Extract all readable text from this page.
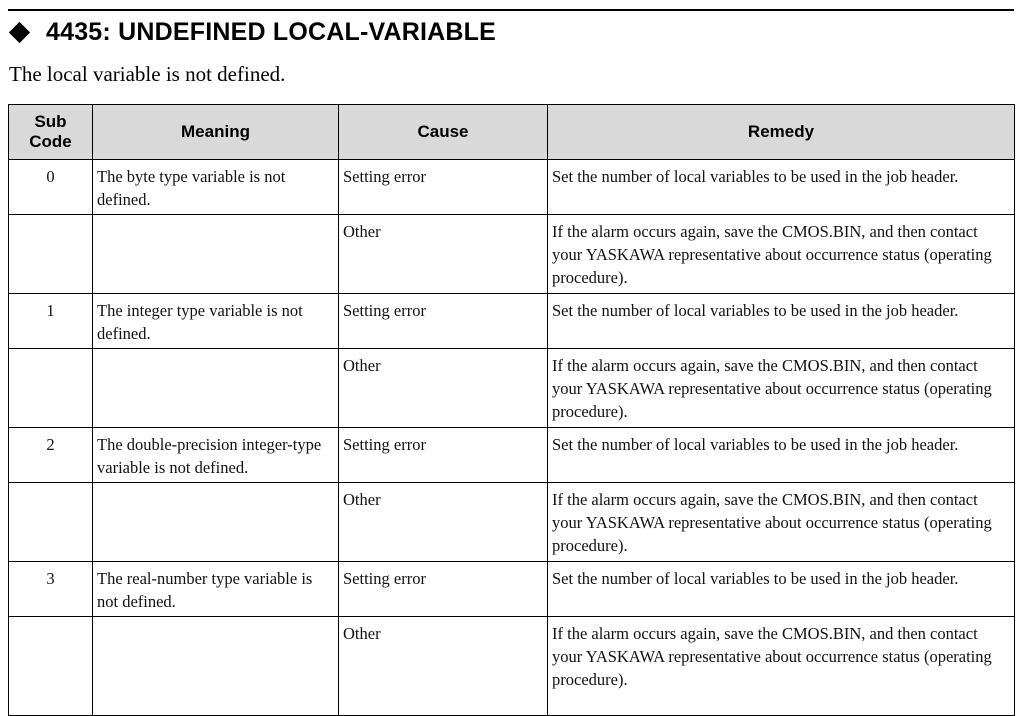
4435: UNDEFINED LOCAL-VARIABLE
The local variable is not defined.
Sub
Code	Meaning	Cause	Remedy
0	The byte type variable is not defined.	Setting error	Set the number of local variables to be used in the job header.
		Other	If the alarm occurs again, save the CMOS.BIN, and then contact your YASKAWA representative about occurrence status (operating procedure).
1	The integer type variable is not defined.	Setting error	Set the number of local variables to be used in the job header.
		Other	If the alarm occurs again, save the CMOS.BIN, and then contact your YASKAWA representative about occurrence status (operating procedure).
2	The double-precision integer-type variable is not defined.	Setting error	Set the number of local variables to be used in the job header.
		Other	If the alarm occurs again, save the CMOS.BIN, and then contact your YASKAWA representative about occurrence status (operating procedure).
3	The real-number type variable is not defined.	Setting error	Set the number of local variables to be used in the job header.
		Other	If the alarm occurs again, save the CMOS.BIN, and then contact your YASKAWA representative about occurrence status (operating procedure).
